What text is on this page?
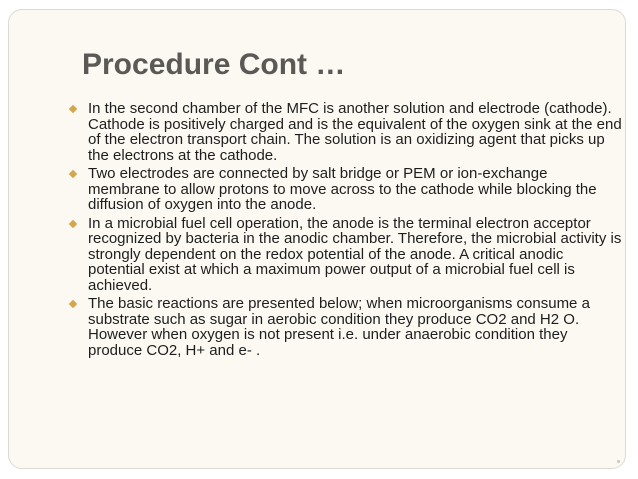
Procedure Cont …
In the second chamber of the MFC is another solution and electrode (cathode). Cathode is positively charged and is the equivalent of the oxygen sink at the end of the electron transport chain. The solution is an oxidizing agent that picks up the electrons at the cathode.
Two electrodes are connected by salt bridge or PEM or ion-exchange membrane to allow protons to move across to the cathode while blocking the diffusion of oxygen into the anode.
In a microbial fuel cell operation, the anode is the terminal electron acceptor recognized by bacteria in the anodic chamber. Therefore, the microbial activity is strongly dependent on the redox potential of the anode. A critical anodic potential exist at which a maximum power output of a microbial fuel cell is achieved.
The basic reactions are presented below; when microorganisms consume a substrate such as sugar in aerobic condition they produce CO2 and H2 O. However when oxygen is not present i.e. under anaerobic condition they produce CO2, H+ and e- .
